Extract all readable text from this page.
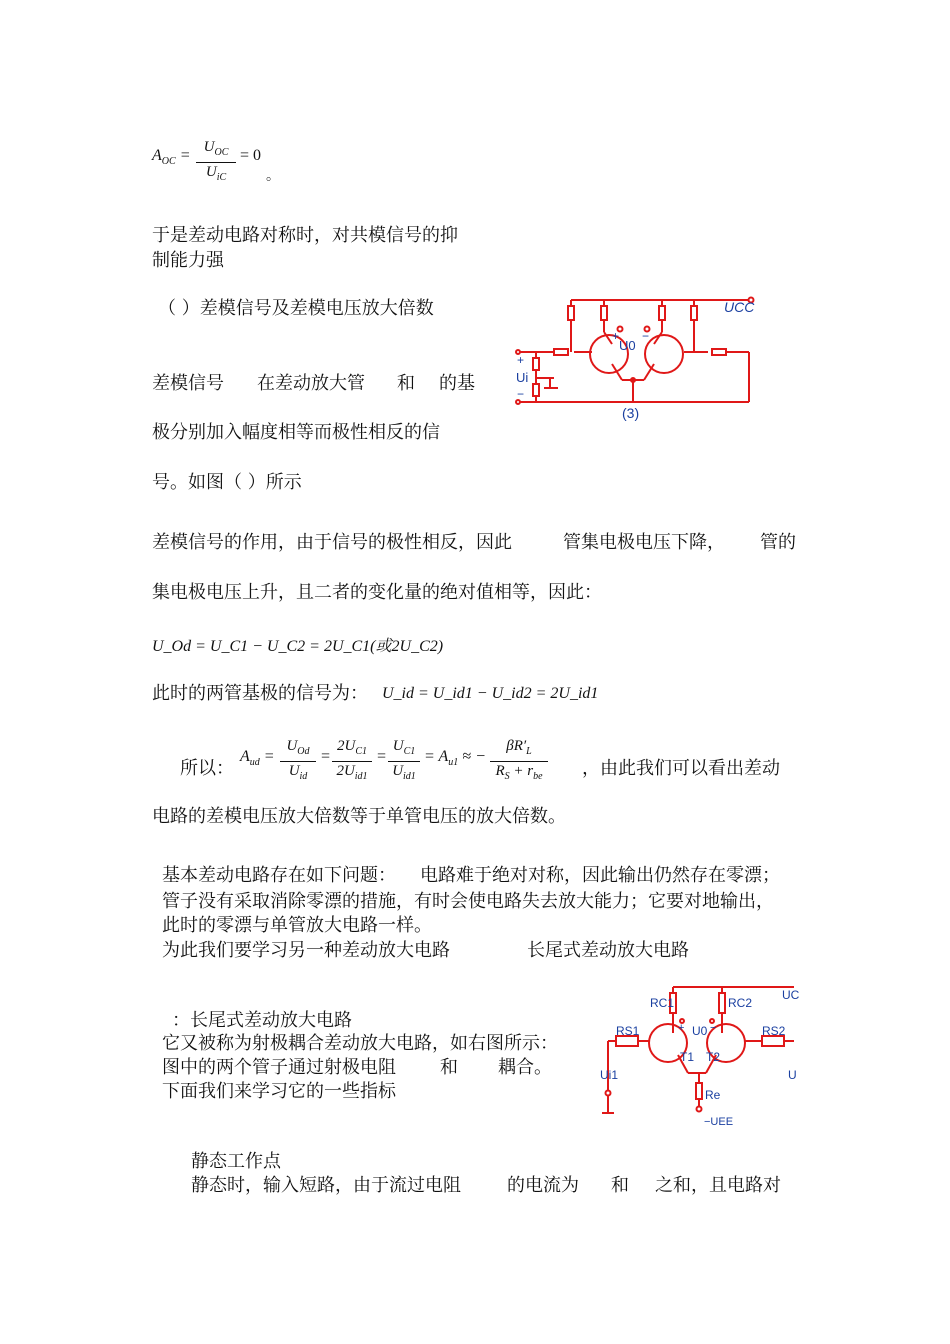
$A_{OC} = U_{OC}$
$U_{iC}$
= 0
。
于是差动电路对称时，对共模信号的抑
制能力强
（ ）差模信号及差模电压放大倍数
差模信号 在差动放大管 和 的基
极分别加入幅度相等而极性相反的信
号。如图（ ）所示
UCC
U0
+ −
Ui
+
−
(3)
差模信号的作用，由于信号的极性相反，因此	管集电极电压下降， 管的
集电极电压上升，且二者的变化量的绝对值相等，因此：
U_Od = U_C1 − U_C2 = 2U_C1(或2U_C2)
此时的两管基极的信号为： U_id = U_id1 − U_id2 = 2U_id1
所以：
$A_{ud}$ =
$U_{Od}$
$U_{id}$
=
$2U_{C1}$
$2U_{id1}$
=
$U_{C1}$
$U_{id1}$
= $A_{u1}$ ≈ −
$\beta R'_L$
$R_S + r_{be}$	，由此我们可以看出差动
电路的差模电压放大倍数等于单管电压的放大倍数。
基本差动电路存在如下问题： 电路难于绝对对称，因此输出仍然存在零漂；
管子没有采取消除零漂的措施，有时会使电路失去放大能力；它要对地输出，
此时的零漂与单管放大电路一样。
为此我们要学习另一种差动放大电路	长尾式差动放大电路
：长尾式差动放大电路
它又被称为射极耦合差动放大电路，如右图所示：
图中的两个管子通过射极电阻 和 耦合。
下面我们来学习它的一些指标
RC1	RC2
UC
RS1	RS2
+ U0 −
T1 T2
Ui1	U
Re
−UEE
静态工作点
静态时，输入短路，由于流过电阻	的电流为 和 之和，且电路对
